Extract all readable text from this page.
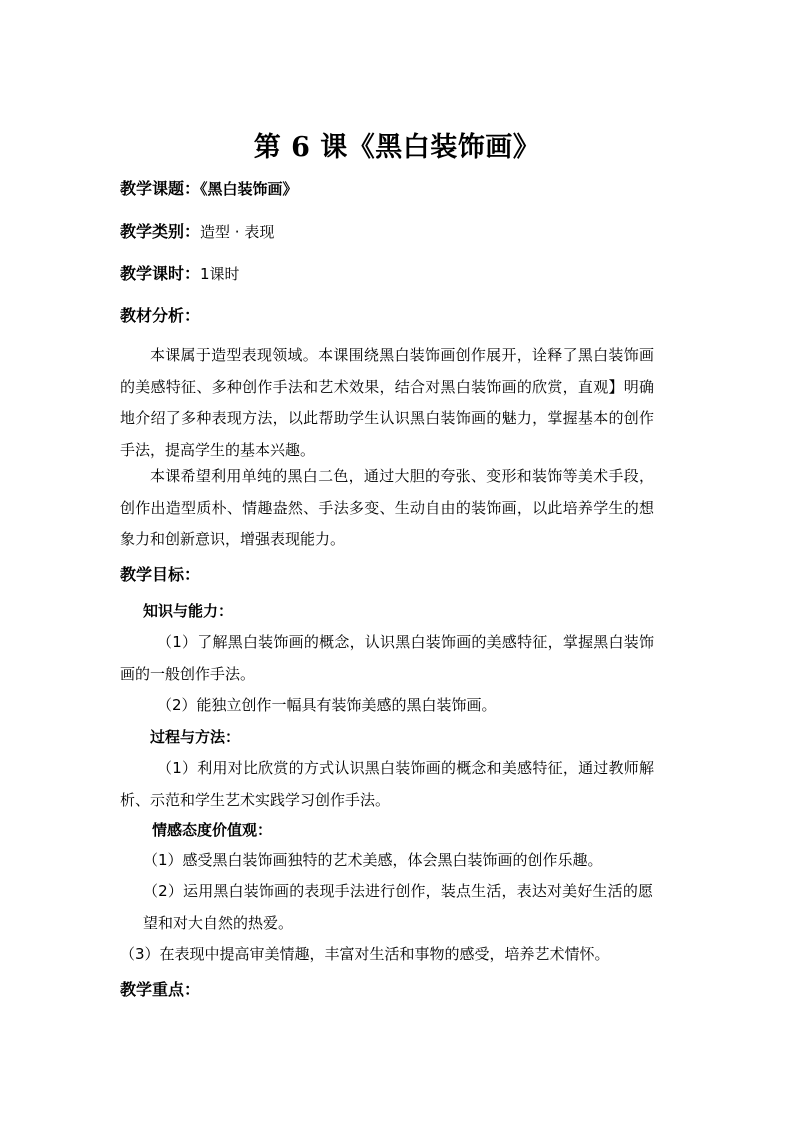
第 6 课《黑白装饰画》
教学课题：《黑白装饰画》
教学类别：造型 · 表现
教学课时：1课时
教材分析：
本课属于造型表现领域。本课围绕黑白装饰画创作展开，诠释了黑白装饰画的美感特征、多种创作手法和艺术效果，结合对黑白装饰画的欣赏，直观】明确地介绍了多种表现方法，以此帮助学生认识黑白装饰画的魅力，掌握基本的创作手法，提高学生的基本兴趣。
本课希望利用单纯的黑白二色，通过大胆的夸张、变形和装饰等美术手段，创作出造型质朴、情趣盎然、手法多变、生动自由的装饰画，以此培养学生的想象力和创新意识，增强表现能力。
教学目标：
知识与能力：
（1）了解黑白装饰画的概念，认识黑白装饰画的美感特征，掌握黑白装饰画的一般创作手法。
（2）能独立创作一幅具有装饰美感的黑白装饰画。
过程与方法：
（1）利用对比欣赏的方式认识黑白装饰画的概念和美感特征，通过教师解析、示范和学生艺术实践学习创作手法。
情感态度价值观：
（1）感受黑白装饰画独特的艺术美感，体会黑白装饰画的创作乐趣。
（2）运用黑白装饰画的表现手法进行创作，装点生活，表达对美好生活的愿望和对大自然的热爱。
（3）在表现中提高审美情趣，丰富对生活和事物的感受，培养艺术情怀。
教学重点：
